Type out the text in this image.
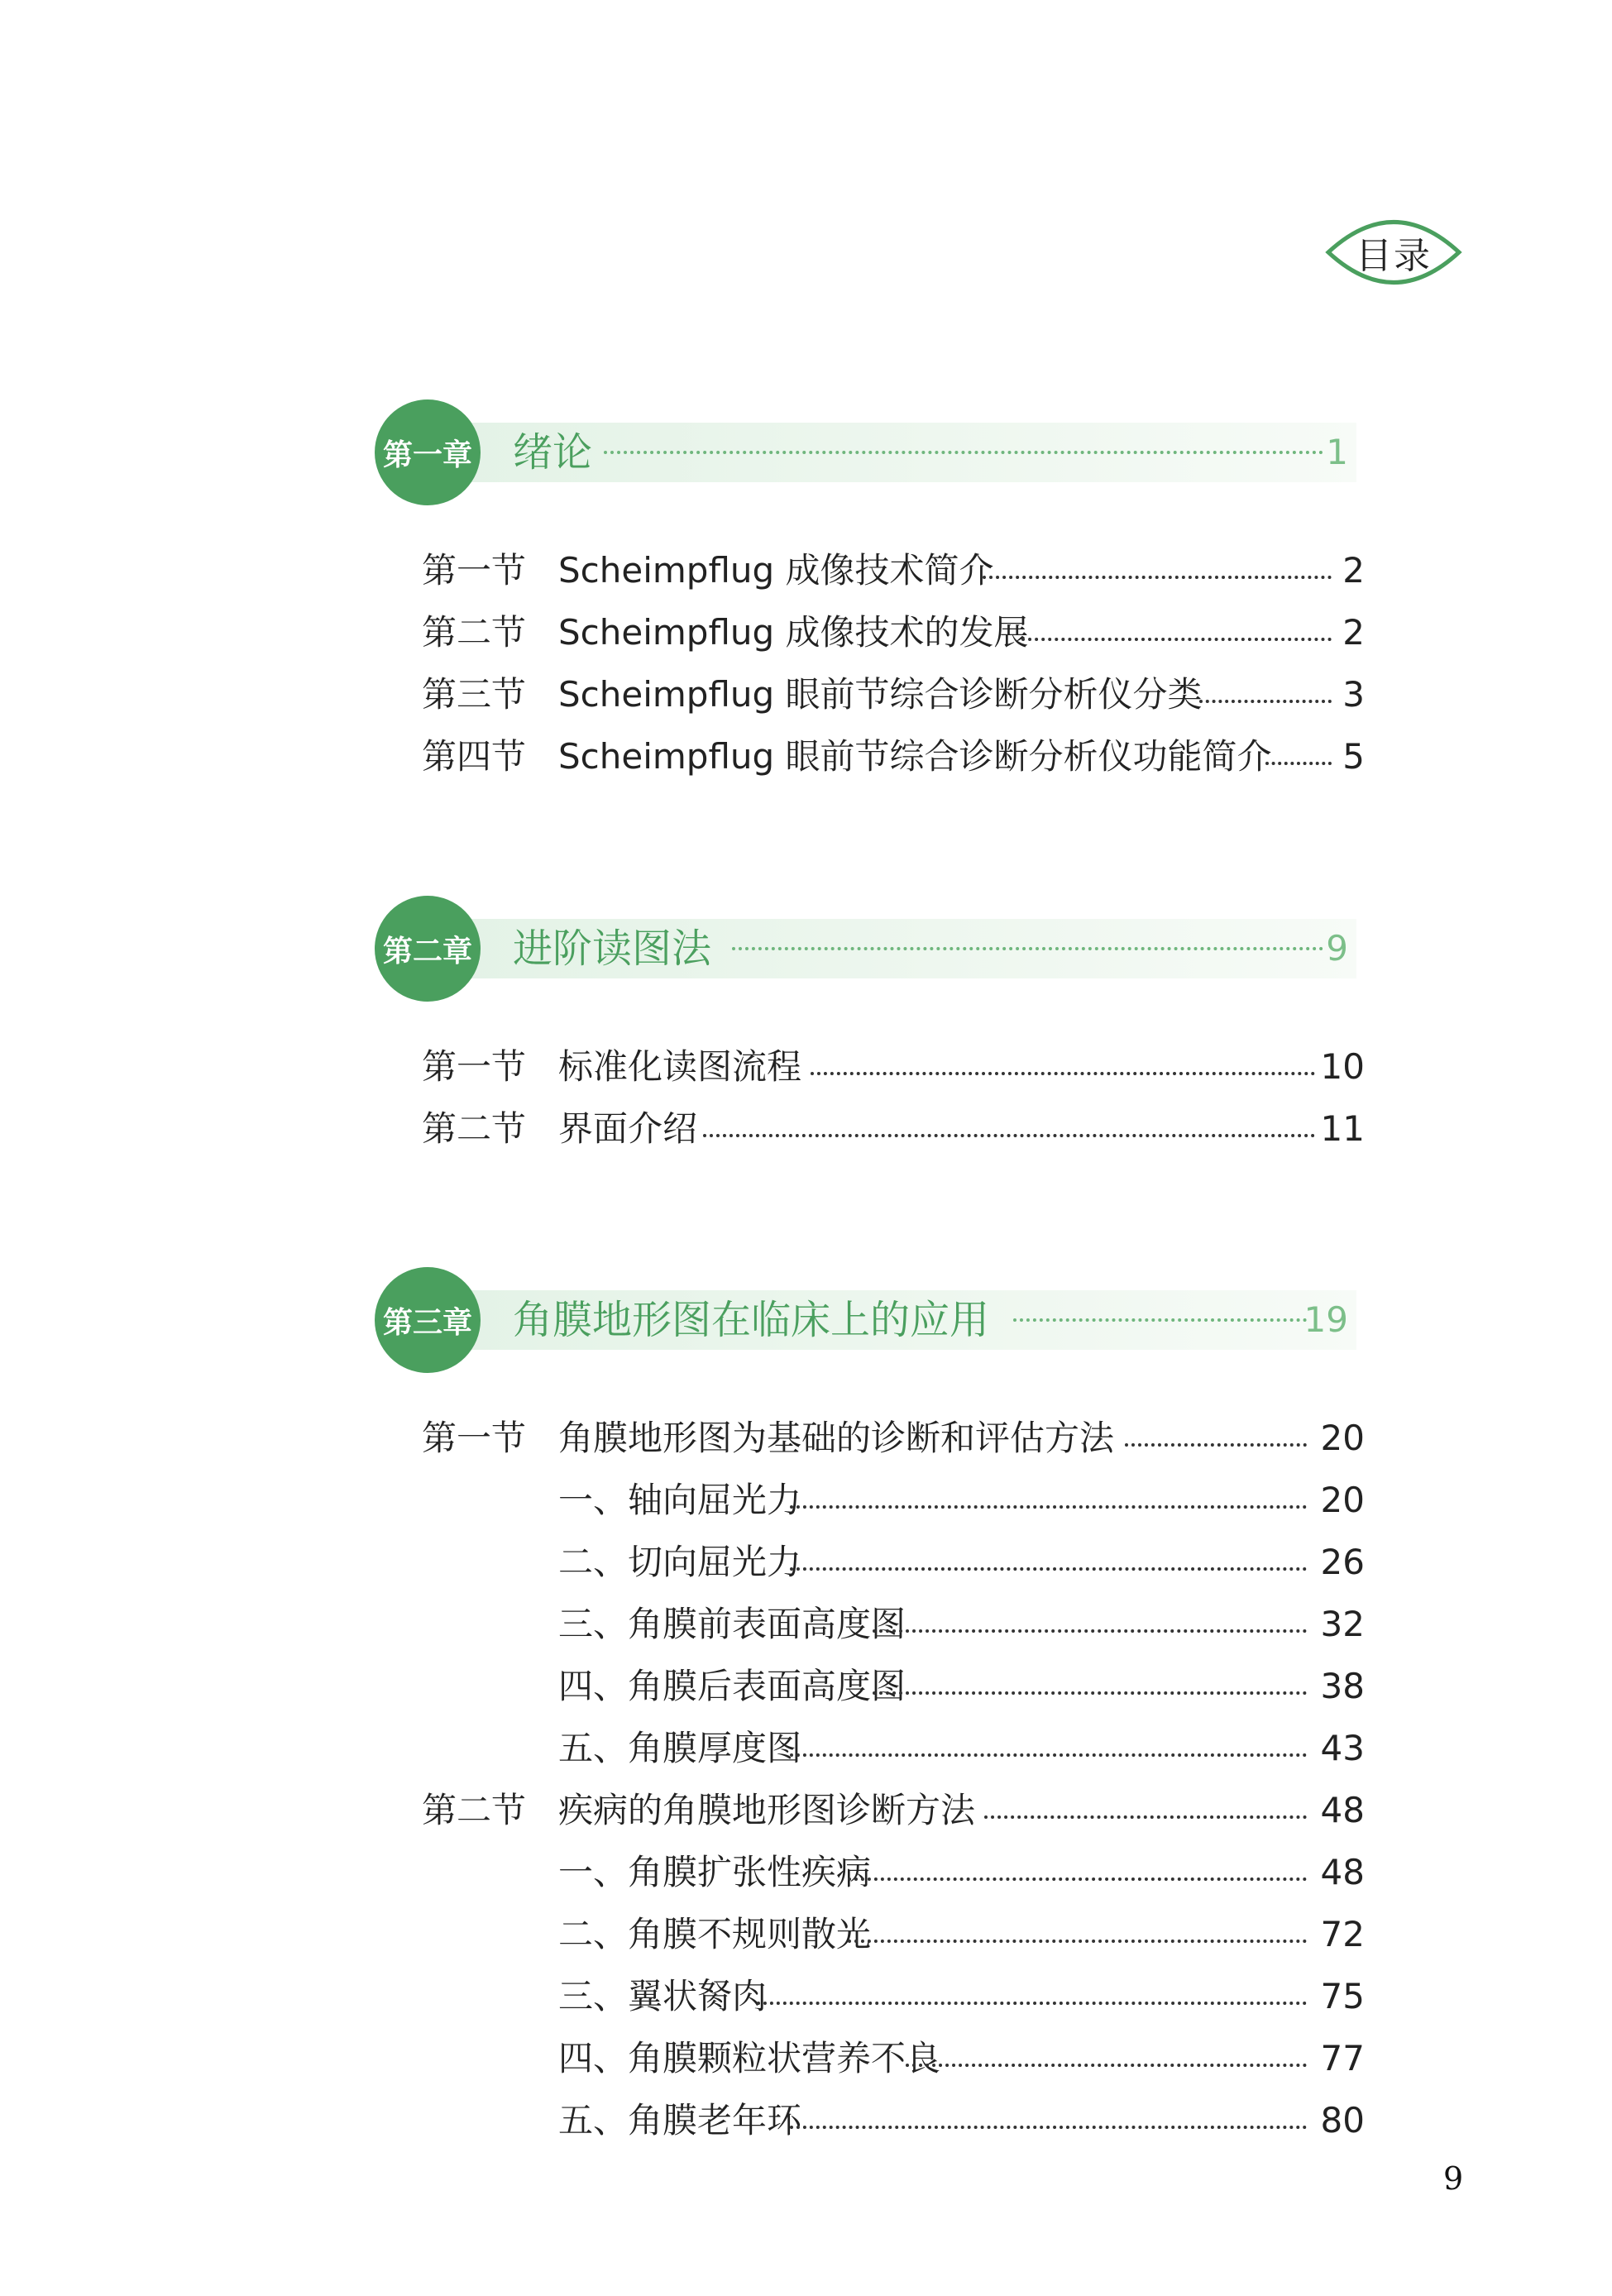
目录
第一章 绪论	1
第一节 Scheimpflug 成像技术简介	2
第二节 Scheimpflug 成像技术的发展	2
第三节 Scheimpflug 眼前节综合诊断分析仪分类	3
第四节 Scheimpflug 眼前节综合诊断分析仪功能简介 5
第二章 进阶读图法	9
第一节 标准化读图流程	10
第二节 界面介绍	11
第三章 角膜地形图在临床上的应用	19
第一节 角膜地形图为基础的诊断和评估方法	20
一、轴向屈光力	20
二、切向屈光力	26
三、角膜前表面高度图	32
四、角膜后表面高度图	38
五、角膜厚度图	43
第二节 疾病的角膜地形图诊断方法	48
一、角膜扩张性疾病	48
二、角膜不规则散光	72
三、翼状胬肉	75
四、角膜颗粒状营养不良	77
五、角膜老年环	80
9
